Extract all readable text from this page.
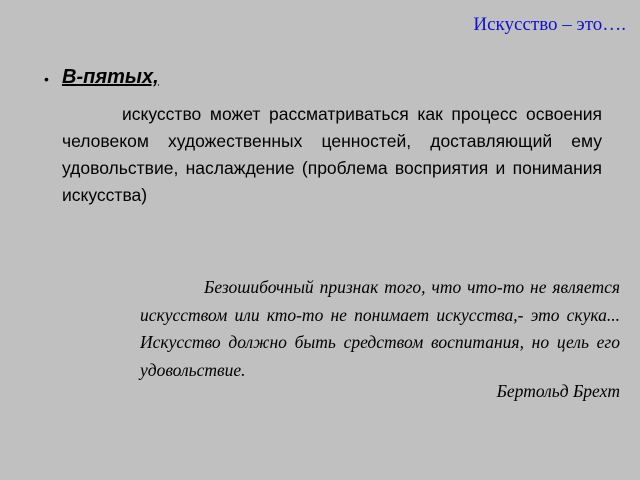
Искусство – это….
• В-пятых,

искусство может рассматриваться как процесс освоения человеком художественных ценностей, доставляющий ему удовольствие, наслаждение (проблема восприятия и понимания искусства)

Безошибочный признак того, что что-то не является искусством или кто-то не понимает искусства,- это скука... Искусство должно быть средством воспитания, но цель его удовольствие.

Бертольд Брехт
